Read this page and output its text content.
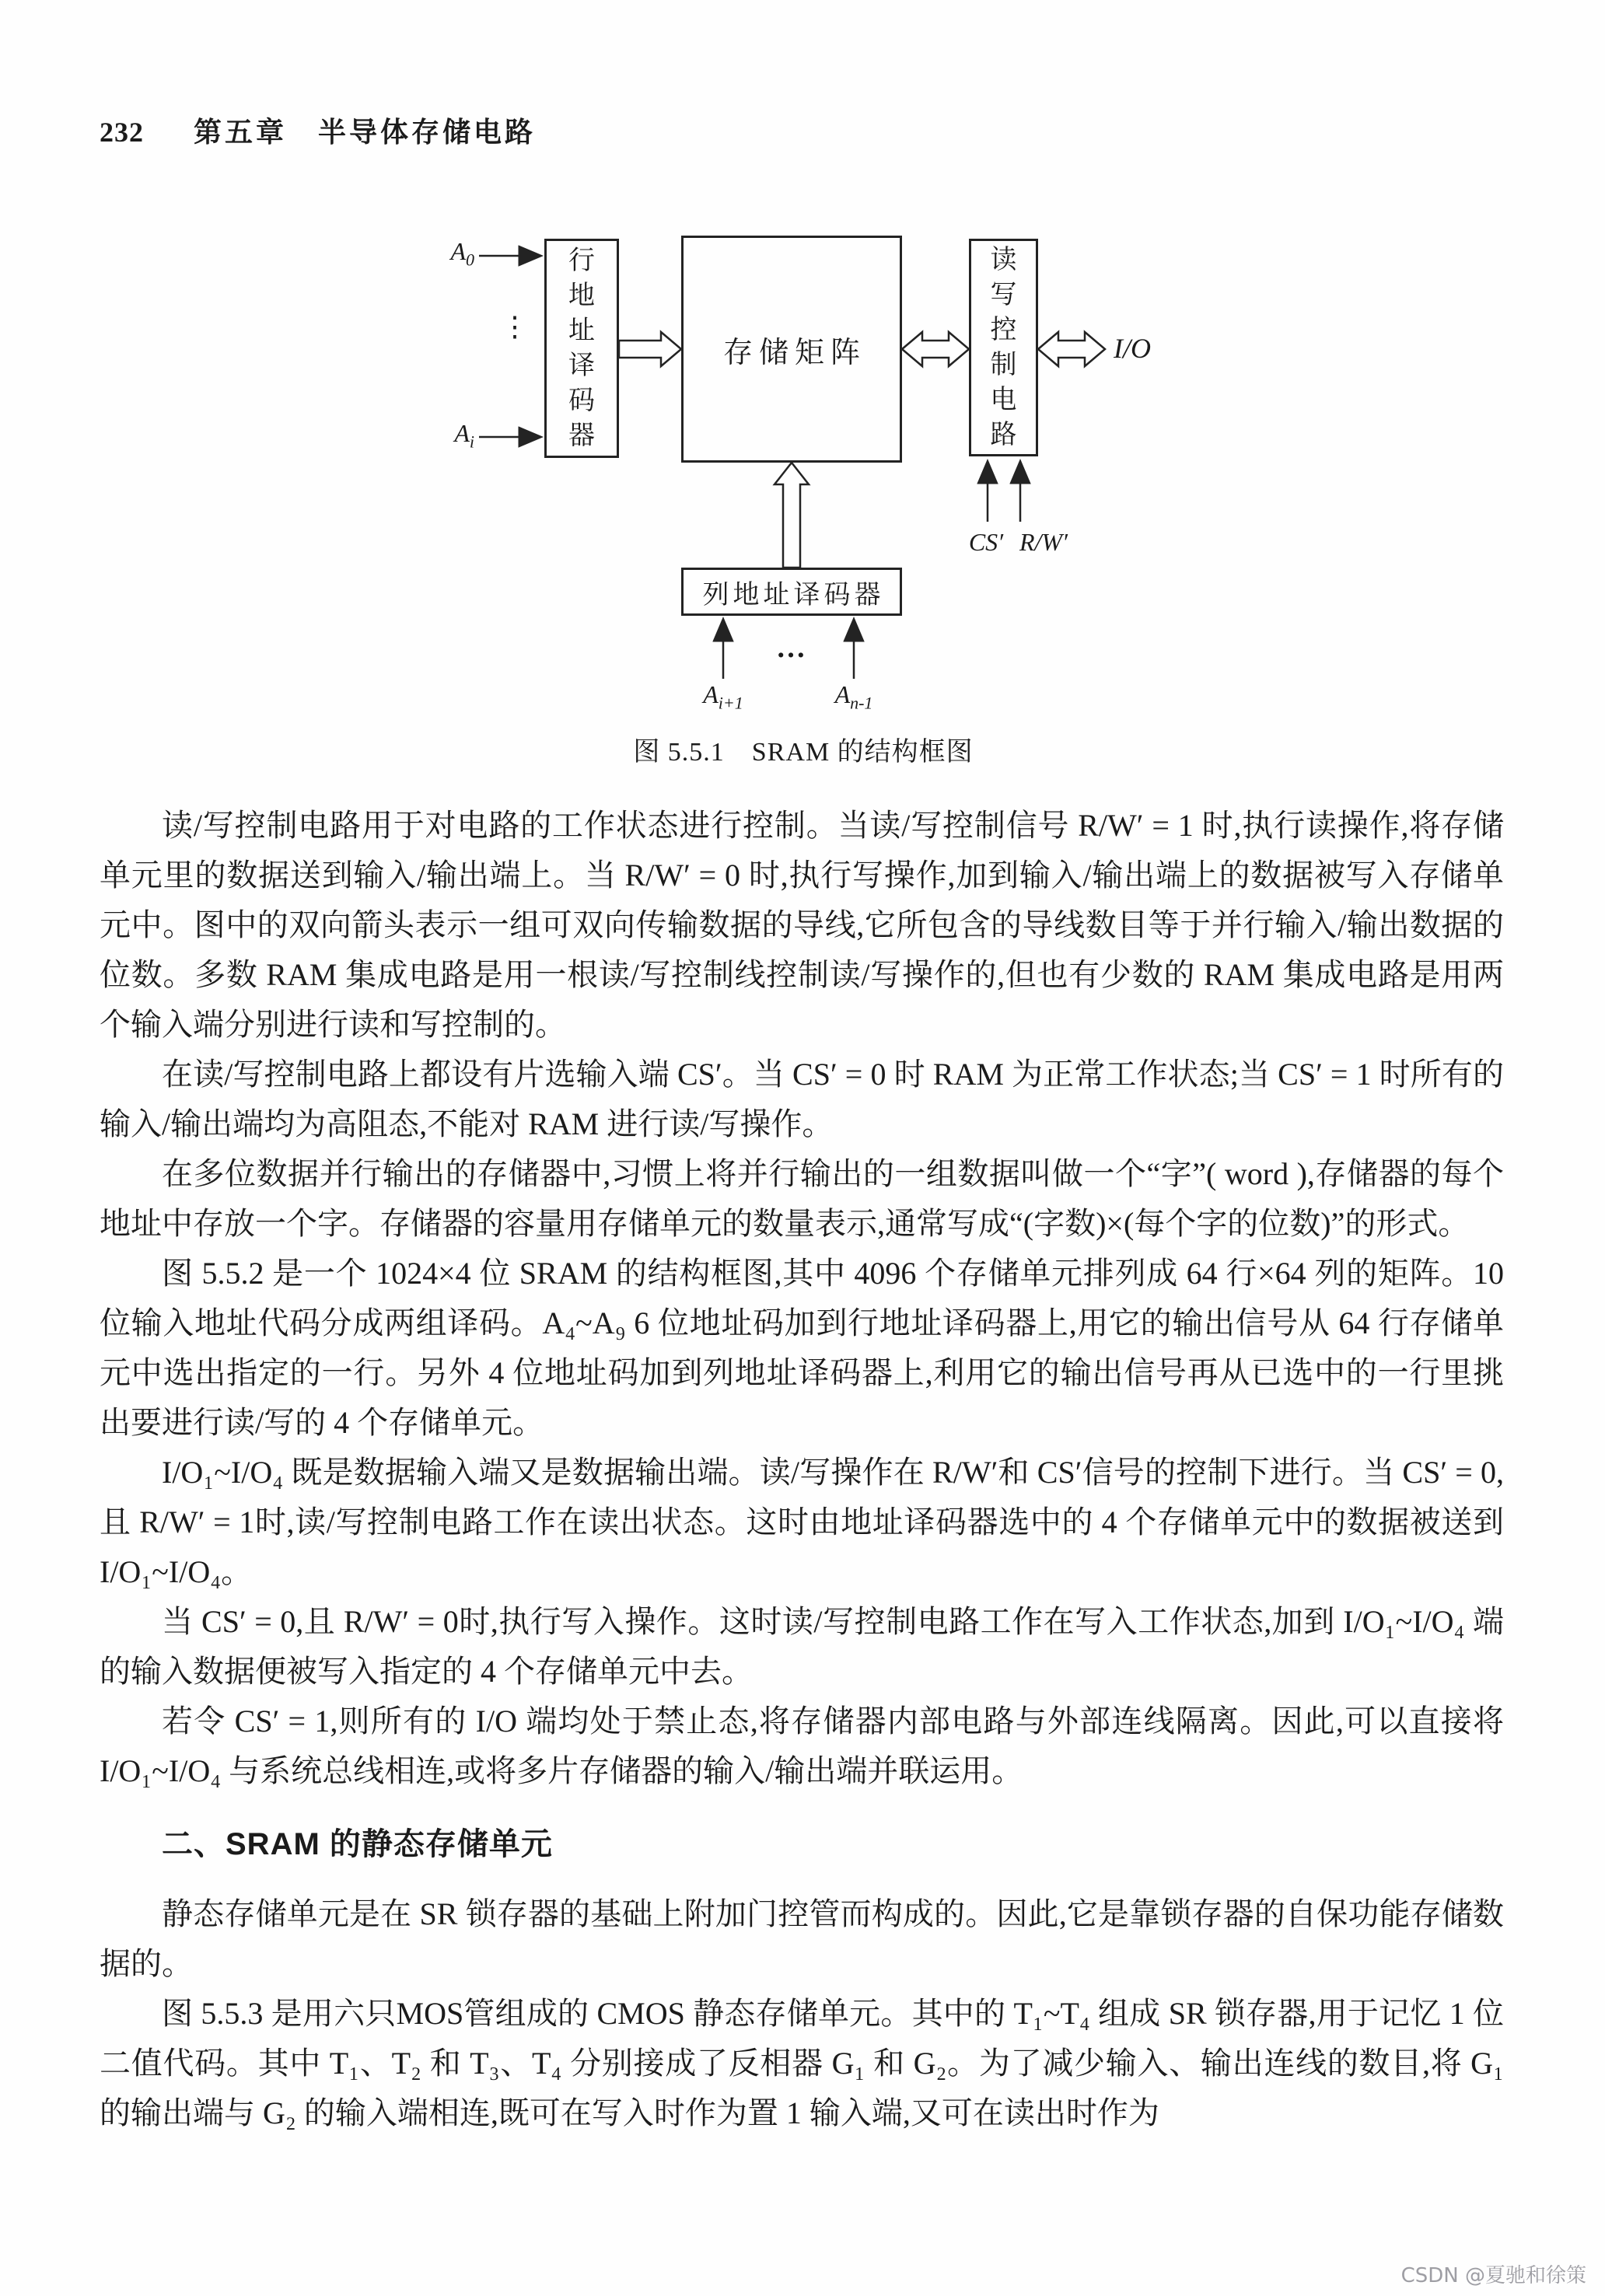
232 第五章　半导体存储电路
行地址译码器
存储矩阵
读写控制电路
列地址译码器
$A_0$
⋮
$A_i$
I/O
CS′ R/W′
…
$A_{i+1}$	$A_{n-1}$
图 5.5.1　SRAM 的结构框图

读/写控制电路用于对电路的工作状态进行控制。当读/写控制信号 R/W′ = 1 时,执行读操作,将存储单元里的数据送到输入/输出端上。当 R/W′ = 0 时,执行写操作,加到输入/输出端上的数据被写入存储单元中。图中的双向箭头表示一组可双向传输数据的导线,它所包含的导线数目等于并行输入/输出数据的位数。多数 RAM 集成电路是用一根读/写控制线控制读/写操作的,但也有少数的 RAM 集成电路是用两个输入端分别进行读和写控制的。

在读/写控制电路上都设有片选输入端 CS′。当 CS′ = 0 时 RAM 为正常工作状态;当 CS′ = 1 时所有的输入/输出端均为高阻态,不能对 RAM 进行读/写操作。

在多位数据并行输出的存储器中,习惯上将并行输出的一组数据叫做一个“字”( word ),存储器的每个地址中存放一个字。存储器的容量用存储单元的数量表示,通常写成“(字数)×(每个字的位数)”的形式。

图 5.5.2 是一个 1024×4 位 SRAM 的结构框图,其中 4096 个存储单元排列成 64 行×64 列的矩阵。10 位输入地址代码分成两组译码。A₄~A₉ 6 位地址码加到行地址译码器上,用它的输出信号从 64 行存储单元中选出指定的一行。另外 4 位地址码加到列地址译码器上,利用它的输出信号再从已选中的一行里挑出要进行读/写的 4 个存储单元。

I/O₁~I/O₄ 既是数据输入端又是数据输出端。读/写操作在 R/W′和 CS′信号的控制下进行。当 CS′ = 0,且 R/W′ = 1时,读/写控制电路工作在读出状态。这时由地址译码器选中的 4 个存储单元中的数据被送到 I/O₁~I/O₄。

当 CS′ = 0,且 R/W′ = 0时,执行写入操作。这时读/写控制电路工作在写入工作状态,加到 I/O₁~I/O₄ 端的输入数据便被写入指定的 4 个存储单元中去。

若令 CS′ = 1,则所有的 I/O 端均处于禁止态,将存储器内部电路与外部连线隔离。因此,可以直接将 I/O₁~I/O₄ 与系统总线相连,或将多片存储器的输入/输出端并联运用。

二、SRAM 的静态存储单元

静态存储单元是在 SR 锁存器的基础上附加门控管而构成的。因此,它是靠锁存器的自保功能存储数据的。

图 5.5.3 是用六只MOS管组成的 CMOS 静态存储单元。其中的 T₁~T₄ 组成 SR 锁存器,用于记忆 1 位二值代码。其中 T₁、T₂ 和 T₃、T₄ 分别接成了反相器 G₁ 和 G₂。为了减少输入、输出连线的数目,将 G₁ 的输出端与 G₂ 的输入端相连,既可在写入时作为置 1 输入端,又可在读出时作为

CSDN @夏驰和徐策
